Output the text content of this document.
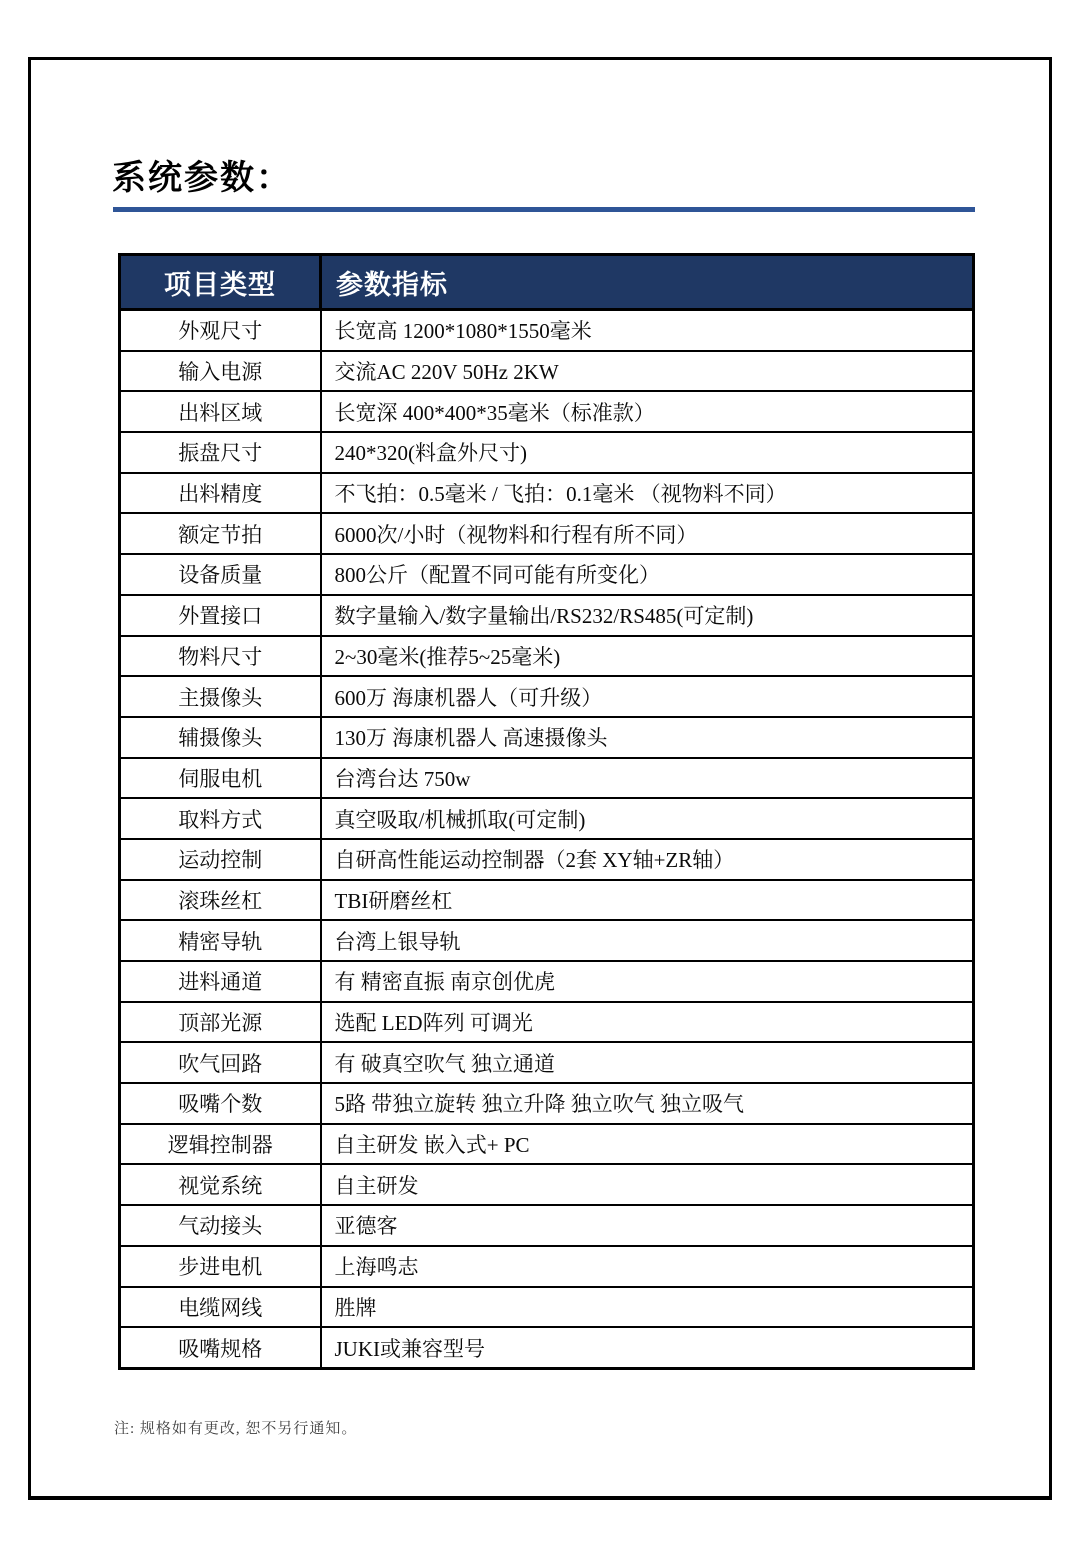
系统参数：
项目类型	参数指标
外观尺寸	长宽高 1200*1080*1550毫米
输入电源	交流AC 220V 50Hz 2KW
出料区域	长宽深 400*400*35毫米（标准款）
振盘尺寸	240*320(料盒外尺寸)
出料精度	不飞拍：0.5毫米 / 飞拍：0.1毫米 （视物料不同）
额定节拍	6000次/小时（视物料和行程有所不同）
设备质量	800公斤（配置不同可能有所变化）
外置接口	数字量输入/数字量输出/RS232/RS485(可定制)
物料尺寸	2~30毫米(推荐5~25毫米)
主摄像头	600万 海康机器人（可升级）
辅摄像头	130万 海康机器人 高速摄像头
伺服电机	台湾台达 750w
取料方式	真空吸取/机械抓取(可定制)
运动控制	自研高性能运动控制器（2套 XY轴+ZR轴）
滚珠丝杠	TBI研磨丝杠
精密导轨	台湾上银导轨
进料通道	有 精密直振 南京创优虎
顶部光源	选配 LED阵列 可调光
吹气回路	有 破真空吹气 独立通道
吸嘴个数	5路 带独立旋转 独立升降 独立吹气 独立吸气
逻辑控制器	自主研发 嵌入式+ PC
视觉系统	自主研发
气动接头	亚德客
步进电机	上海鸣志
电缆网线	胜牌
吸嘴规格	JUKI或兼容型号
注: 规格如有更改, 恕不另行通知。
